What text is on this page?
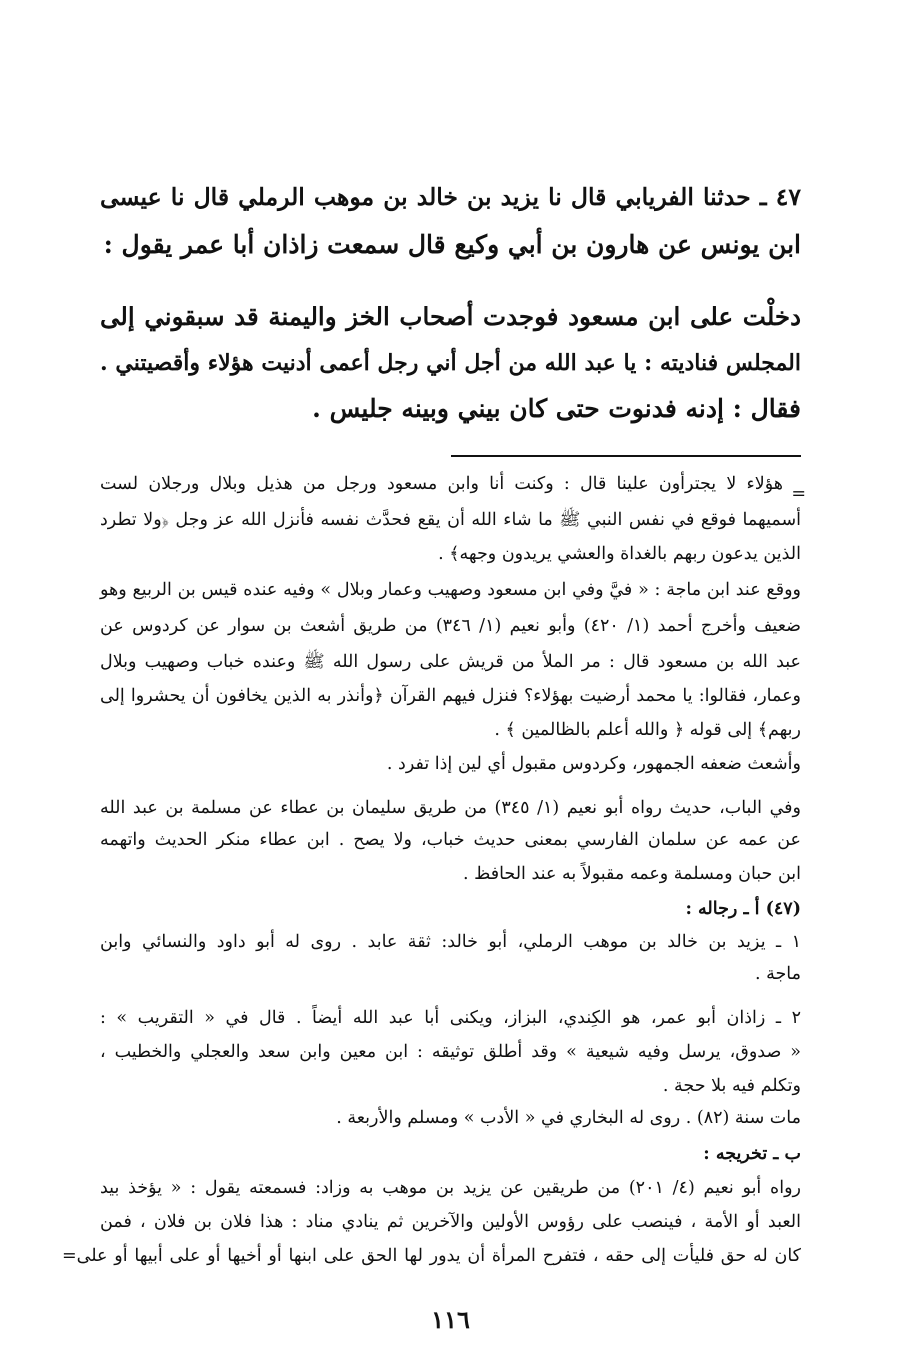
٤٧ ـ حدثنا الفريابي قال نا يزيد بن خالد بن موهب الرملي قال نا عيسى
ابن يونس عن هارون بن أبي وكيع قال سمعت زاذان أبا عمر يقول :
دخلْت على ابن مسعود فوجدت أصحاب الخز واليمنة قد سبقوني إلى
المجلس فناديته : يا عبد الله من أجل أني رجل أعمى أدنيت هؤلاء وأقصيتني .
فقال : إدنه فدنوت حتى كان بيني وبينه جليس .
=
هؤلاء لا يجترأون علينا قال : وكنت أنا وابن مسعود ورجل من هذيل وبلال ورجلان لست
أسميهما فوقع في نفس النبي ﷺ ما شاء الله أن يقع فحدَّث نفسه فأنزل الله عز وجل ﴿ولا تطرد
الذين يدعون ربهم بالغداة والعشي يريدون وجهه﴾ .
ووقع عند ابن ماجة : « فيَّ وفي ابن مسعود وصهيب وعمار وبلال » وفيه عنده قيس بن الربيع وهو
ضعيف وأخرج أحمد (١/ ٤٢٠) وأبو نعيم (١/ ٣٤٦) من طريق أشعث بن سوار عن كردوس عن
عبد الله بن مسعود قال : مر الملأ من قريش على رسول الله ﷺ وعنده خباب وصهيب وبلال
وعمار، فقالوا: يا محمد أرضيت بهؤلاء؟ فنزل فيهم القرآن ﴿وأنذر به الذين يخافون أن يحشروا إلى
ربهم﴾ إلى قوله ﴿ والله أعلم بالظالمين ﴾ .
وأشعث ضعفه الجمهور، وكردوس مقبول أي لين إذا تفرد .
وفي الباب، حديث رواه أبو نعيم (١/ ٣٤٥) من طريق سليمان بن عطاء عن مسلمة بن عبد الله
عن عمه عن سلمان الفارسي بمعنى حديث خباب، ولا يصح . ابن عطاء منكر الحديث واتهمه
ابن حبان ومسلمة وعمه مقبولاً به عند الحافظ .
(٤٧) أ ـ رجاله :
١ ـ يزيد بن خالد بن موهب الرملي، أبو خالد: ثقة عابد . روى له أبو داود والنسائي وابن
ماجة .
٢ ـ زاذان أبو عمر، هو الكِندي، البزاز، ويكنى أبا عبد الله أيضاً . قال في « التقريب » :
« صدوق، يرسل وفيه شيعية » وقد أطلق توثيقه : ابن معين وابن سعد والعجلي والخطيب ،
وتكلم فيه بلا حجة .
مات سنة (٨٢) . روى له البخاري في « الأدب » ومسلم والأربعة .
ب ـ تخريجه :
رواه أبو نعيم (٤/ ٢٠١) من طريقين عن يزيد بن موهب به وزاد: فسمعته يقول : « يؤخذ بيد
العبد أو الأمة ، فينصب على رؤوس الأولين والآخرين ثم ينادي مناد : هذا فلان بن فلان ، فمن
كان له حق فليأت إلى حقه ، فتفرح المرأة أن يدور لها الحق على ابنها أو أخيها أو على أبيها أو على=
١١٦
